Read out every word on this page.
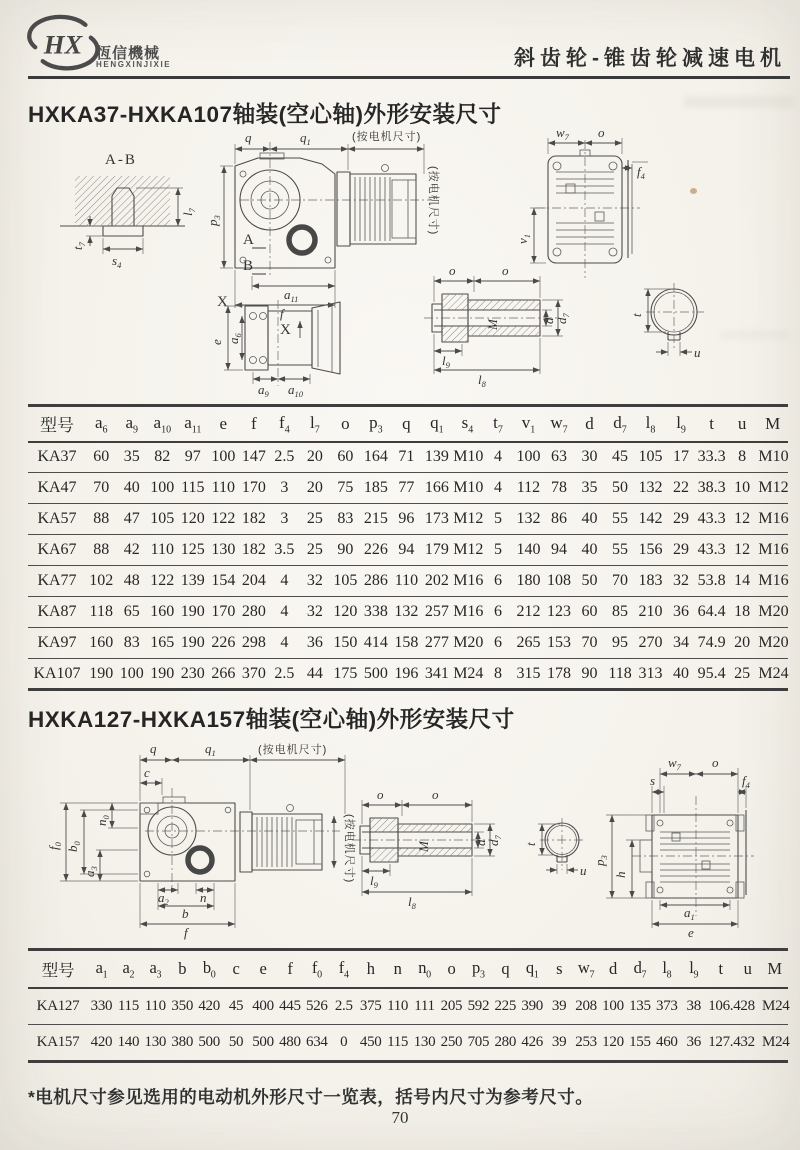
HX 恆信機械
HENGXINJIXIE	斜齿轮-锥齿轮减速电机
HXKA37-HXKA107轴装(空心轴)外形安装尺寸
A-B
$t_7$
$l_7$
$s_4$
q	$q_1$	(按电机尺寸)
(按电机尺寸)
$p_3$
A
B
$a_{11}$
f
X
X
e $a_6$
$a_9$ $a_{10}$
$w_7$ o
$f_4$
$v_1$
M
o	o
d
$d_7$
$l_9$
$l_8$
t
u
型号	$a_6$	$a_9$	$a_{10}$	$a_{11}$	e	f	$f_4$	$l_7$	o	$p_3$	q	$q_1$	$s_4$	$t_7$	$v_1$	$w_7$	d	$d_7$	$l_8$	$l_9$	t	u	M
KA37	60	35	82	97	100	147	2.5	20	60	164	71	139	M10	4	100	63	30	45	105	17	33.3	8	M10
KA47	70	40	100	115	110	170	3	20	75	185	77	166	M10	4	112	78	35	50	132	22	38.3	10	M12
KA57	88	47	105	120	122	182	3	25	83	215	96	173	M12	5	132	86	40	55	142	29	43.3	12	M16
KA67	88	42	110	125	130	182	3.5	25	90	226	94	179	M12	5	140	94	40	55	156	29	43.3	12	M16
KA77	102	48	122	139	154	204	4	32	105	286	110	202	M16	6	180	108	50	70	183	32	53.8	14	M16
KA87	118	65	160	190	170	280	4	32	120	338	132	257	M16	6	212	123	60	85	210	36	64.4	18	M20
KA97	160	83	165	190	226	298	4	36	150	414	158	277	M20	6	265	153	70	95	270	34	74.9	20	M20
KA107	190	100	190	230	266	370	2.5	44	175	500	196	341	M24	8	315	178	90	118	313	40	95.4	25	M24
HXKA127-HXKA157轴装(空心轴)外形安装尺寸
q	$q_1$	(按电机尺寸)
c
(按电机尺寸)
$f_0$
$b_0$
$a_3$
$n_0$
$a_2$ n
b
f
M
o	o
d
$d_7$
$l_9$
$l_8$
t
u
$w_7$ o
s	$f_4$
$p_3$
h
$a_1$
e
型号	$a_1$	$a_2$	$a_3$	b	$b_0$	c	e	f	$f_0$	$f_4$	h	n	$n_0$	o	$p_3$	q	$q_1$	s	$w_7$	d	$d_7$	$l_8$	$l_9$	t	u	M
KA127	330	115	110	350	420	45	400	445	526	2.5	375	110	111	205	592	225	390	39	208	100	135	373	38	106.4	28	M24
KA157	420	140	130	380	500	50	500	480	634	0	450	115	130	250	705	280	426	39	253	120	155	460	36	127.4	32	M24

*电机尺寸参见选用的电动机外形尺寸一览表，括号内尺寸为参考尺寸。

70
